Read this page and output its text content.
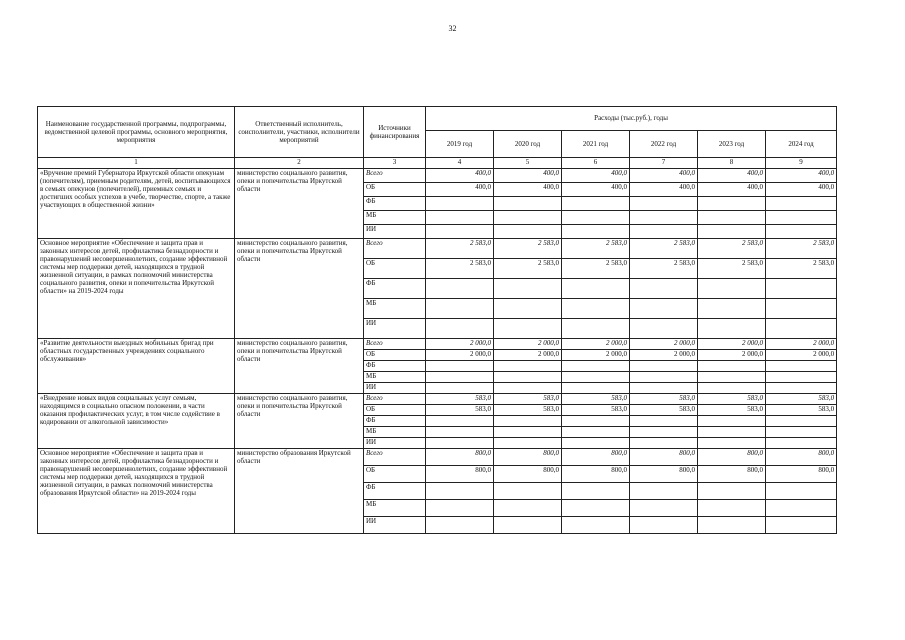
32
Наименование государственной программы, подпрограммы, ведомственной целевой программы, основного мероприятия, мероприятия	Ответственный исполнитель, соисполнители, участники, исполнители мероприятий	Источники финансирования	Расходы (тыс.руб.), годы					
			2019 год	2020 год	2021 год	2022 год	2023 год	2024 год
1	2	3	4	5	6	7	8	9
«Вручение премий Губернатора Иркутской области опекунам (попечителям), приемным родителям, детей, воспитывающихся в семьях опекунов (попечителей), приемных семьях и достигших особых успехов в учебе, творчестве, спорте, а также участвующих в общественной жизни»	министерство социального развития, опеки и попечительства Иркутской области	Всего	400,0	400,0	400,0	400,0	400,0	400,0
		ОБ	400,0	400,0	400,0	400,0	400,0	400,0
		ФБ						
		МБ						
		ИИ						
Основное мероприятие «Обеспечение и защита прав и законных интересов детей, профилактика безнадзорности и правонарушений несовершеннолетних, создание эффективной системы мер поддержки детей, находящихся в трудной жизненной ситуации, в рамках полномочий министерства социального развития, опеки и попечительства Иркутской области» на 2019-2024 годы	министерство социального развития, опеки и попечительства Иркутской области	Всего	2 583,0	2 583,0	2 583,0	2 583,0	2 583,0	2 583,0
		ОБ	2 583,0	2 583,0	2 583,0	2 583,0	2 583,0	2 583,0
		ФБ						
		МБ						
		ИИ						
«Развитие деятельности выездных мобильных бригад при областных государственных учреждениях социального обслуживания»	министерство социального развития, опеки и попечительства Иркутской области	Всего	2 000,0	2 000,0	2 000,0	2 000,0	2 000,0	2 000,0
		ОБ	2 000,0	2 000,0	2 000,0	2 000,0	2 000,0	2 000,0
		ФБ						
		МБ						
		ИИ						
«Внедрение новых видов социальных услуг семьям, находящимся в социально опасном положении, в части оказания профилактических услуг, в том числе содействие в кодировании от алкогольной зависимости»	министерство социального развития, опеки и попечительства Иркутской области	Всего	583,0	583,0	583,0	583,0	583,0	583,0
		ОБ	583,0	583,0	583,0	583,0	583,0	583,0
		ФБ						
		МБ						
		ИИ						
Основное мероприятие «Обеспечение и защита прав и законных интересов детей, профилактика безнадзорности и правонарушений несовершеннолетних, создание эффективной системы мер поддержки детей, находящихся в трудной жизненной ситуации, в рамках полномочий министерства образования Иркутской области» на 2019-2024 годы	министерство образования Иркутской области	Всего	800,0	800,0	800,0	800,0	800,0	800,0
		ОБ	800,0	800,0	800,0	800,0	800,0	800,0
		ФБ						
		МБ						
		ИИ						
